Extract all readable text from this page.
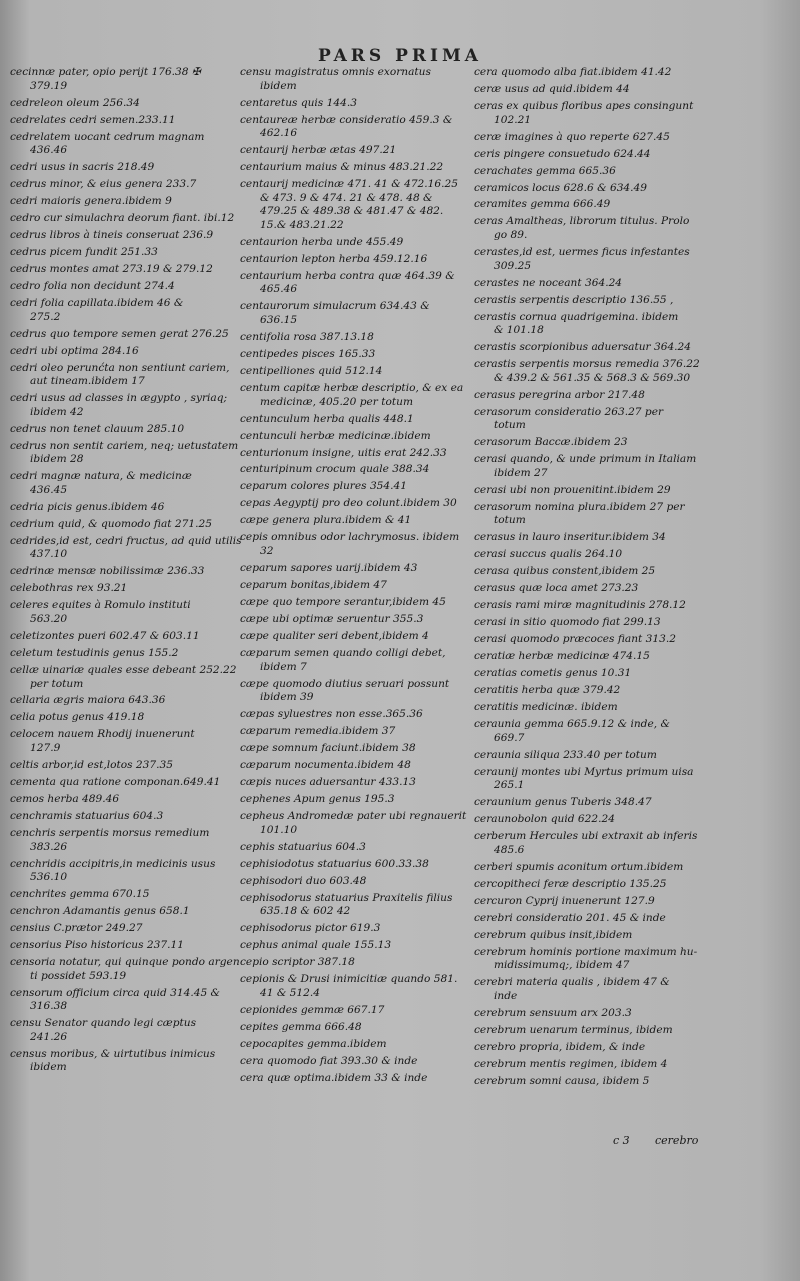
PARS PRIMA
cecinnæ pater, opio perijt 176.38 ✠
379.19
cedreleon oleum 256.34
cedrelates cedri semen.233.11
cedrelatem uocant cedrum magnam
436.46
cedri usus in sacris 218.49
cedrus minor, & eius genera 233.7
cedri maioris genera.ibidem 9
cedro cur simulachra deorum fiant. ibi.12
cedrus libros à tineis conseruat 236.9
cedrus picem fundit 251.33
cedrus montes amat 273.19 & 279.12
cedro folia non decidunt 274.4
cedri folia capillata.ibidem 46 &
275.2
cedrus quo tempore semen gerat 276.25
cedri ubi optima 284.16
cedri oleo perunćta non sentiunt cariem,
aut tineam.ibidem 17
cedri usus ad classes in ægypto , syriaq;
ibidem 42
cedrus non tenet clauum 285.10
cedrus non sentit cariem, neq; uetustatem
ibidem 28
cedri magnæ natura, & medicinæ
436.45
cedria picis genus.ibidem 46
cedrium quid, & quomodo fiat 271.25
cedrides,id est, cedri fructus, ad quid utilis
437.10
cedrinæ mensæ nobilissimæ 236.33
celebothras rex 93.21
celeres equites à Romulo instituti
563.20
celetizontes pueri 602.47 & 603.11
celetum testudinis genus 155.2
cellæ uinariæ quales esse debeant 252.22
per totum
cellaria ægris maiora 643.36
celia potus genus 419.18
celocem nauem Rhodij inuenerunt
127.9
celtis arbor,id est,lotos 237.35
cementa qua ratione componan.649.41
cemos herba 489.46
cenchramis statuarius 604.3
cenchris serpentis morsus remedium
383.26
cenchridis accipitris,in medicinis usus
536.10
cenchrites gemma 670.15
cenchron Adamantis genus 658.1
censius C.prætor 249.27
censorius Piso historicus 237.11
censoria notatur, qui quinque pondo argen
ti possidet 593.19
censorum officium circa quid 314.45 &
316.38
censu Senator quando legi cæptus
241.26
census moribus, & uirtutibus inimicus
ibidem
censu magistratus omnis exornatus
ibidem
centaretus quis 144.3
centaureæ herbæ consideratio 459.3 &
462.16
centaurij herbæ ætas 497.21
centaurium maius & minus 483.21.22
centaurij medicinæ 471. 41 & 472.16.25
& 473. 9 & 474. 21 & 478. 48 &
479.25 & 489.38 & 481.47 & 482.
15.& 483.21.22
centaurion herba unde 455.49
centaurion lepton herba 459.12.16
centaurium herba contra quæ 464.39 &
465.46
centaurorum simulacrum 634.43 &
636.15
centifolia rosa 387.13.18
centipedes pisces 165.33
centipelliones quid 512.14
centum capitæ herbæ descriptio, & ex ea
medicinæ, 405.20 per totum
centunculum herba qualis 448.1
centunculi herbæ medicinæ.ibidem
centurionum insigne, uitis erat 242.33
centuripinum crocum quale 388.34
ceparum colores plures 354.41
cepas Aegyptij pro deo colunt.ibidem 30
cæpe genera plura.ibidem & 41
cepis omnibus odor lachrymosus. ibidem
32
ceparum sapores uarij.ibidem 43
ceparum bonitas,ibidem 47
cæpe quo tempore serantur,ibidem 45
cæpe ubi optimæ seruentur 355.3
cæpe qualiter seri debent,ibidem 4
cæparum semen quando colligi debet,
ibidem 7
cæpe quomodo diutius seruari possunt
ibidem 39
cæpas syluestres non esse.365.36
cæparum remedia.ibidem 37
cæpe somnum faciunt.ibidem 38
cæparum nocumenta.ibidem 48
cæpis nuces aduersantur 433.13
cephenes Apum genus 195.3
cepheus Andromedæ pater ubi regnauerit
101.10
cephis statuarius 604.3
cephisiodotus statuarius 600.33.38
cephisodori duo 603.48
cephisodorus statuarius Praxitelis filius
635.18 & 602 42
cephisodorus pictor 619.3
cephus animal quale 155.13
cepio scriptor 387.18
cepionis & Drusi inimicitiæ quando 581.
41 & 512.4
cepionides gemmæ 667.17
cepites gemma 666.48
cepocapites gemma.ibidem
cera quomodo fiat 393.30 & inde
cera quæ optima.ibidem 33 & inde
cera quomodo alba fiat.ibidem 41.42
ceræ usus ad quid.ibidem 44
ceras ex quibus floribus apes consingunt
102.21
ceræ imagines à quo reperte 627.45
ceris pingere consuetudo 624.44
cerachates gemma 665.36
ceramicos locus 628.6 & 634.49
ceramites gemma 666.49
ceras Amaltheas, librorum titulus. Prolo
go 89.
cerastes,id est, uermes ficus infestantes
309.25
cerastes ne noceant 364.24
cerastis serpentis descriptio 136.55 ,
cerastis cornua quadrigemina. ibidem
& 101.18
cerastis scorpionibus aduersatur 364.24
cerastis serpentis morsus remedia 376.22
& 439.2 & 561.35 & 568.3 & 569.30
cerasus peregrina arbor 217.48
cerasorum consideratio 263.27 per
totum
cerasorum Baccæ.ibidem 23
cerasi quando, & unde primum in Italiam
ibidem 27
cerasi ubi non prouenitint.ibidem 29
cerasorum nomina plura.ibidem 27 per
totum
cerasus in lauro inseritur.ibidem 34
cerasi succus qualis 264.10
cerasa quibus constent,ibidem 25
cerasus quæ loca amet 273.23
cerasis rami miræ magnitudinis 278.12
cerasi in sitio quomodo fiat 299.13
cerasi quomodo præcoces fiant 313.2
ceratiæ herbæ medicinæ 474.15
ceratias cometis genus 10.31
ceratitis herba quæ 379.42
ceratitis medicinæ. ibidem
ceraunia gemma 665.9.12 & inde, &
669.7
ceraunia siliqua 233.40 per totum
ceraunij montes ubi Myrtus primum uisa
265.1
ceraunium genus Tuberis 348.47
ceraunobolon quid 622.24
cerberum Hercules ubi extraxit ab inferis
485.6
cerberi spumis aconitum ortum.ibidem
cercopitheci feræ descriptio 135.25
cercuron Cyprij inuenerunt 127.9
cerebri consideratio 201. 45 & inde
cerebrum quibus insit,ibidem
cerebrum hominis portione maximum hu-
midissimumq;, ibidem 47
cerebri materia qualis , ibidem 47 &
inde
cerebrum sensuum arx 203.3
cerebrum uenarum terminus, ibidem
cerebro propria, ibidem, & inde
cerebrum mentis regimen, ibidem 4
cerebrum somni causa, ibidem 5
c 3 cerebro
